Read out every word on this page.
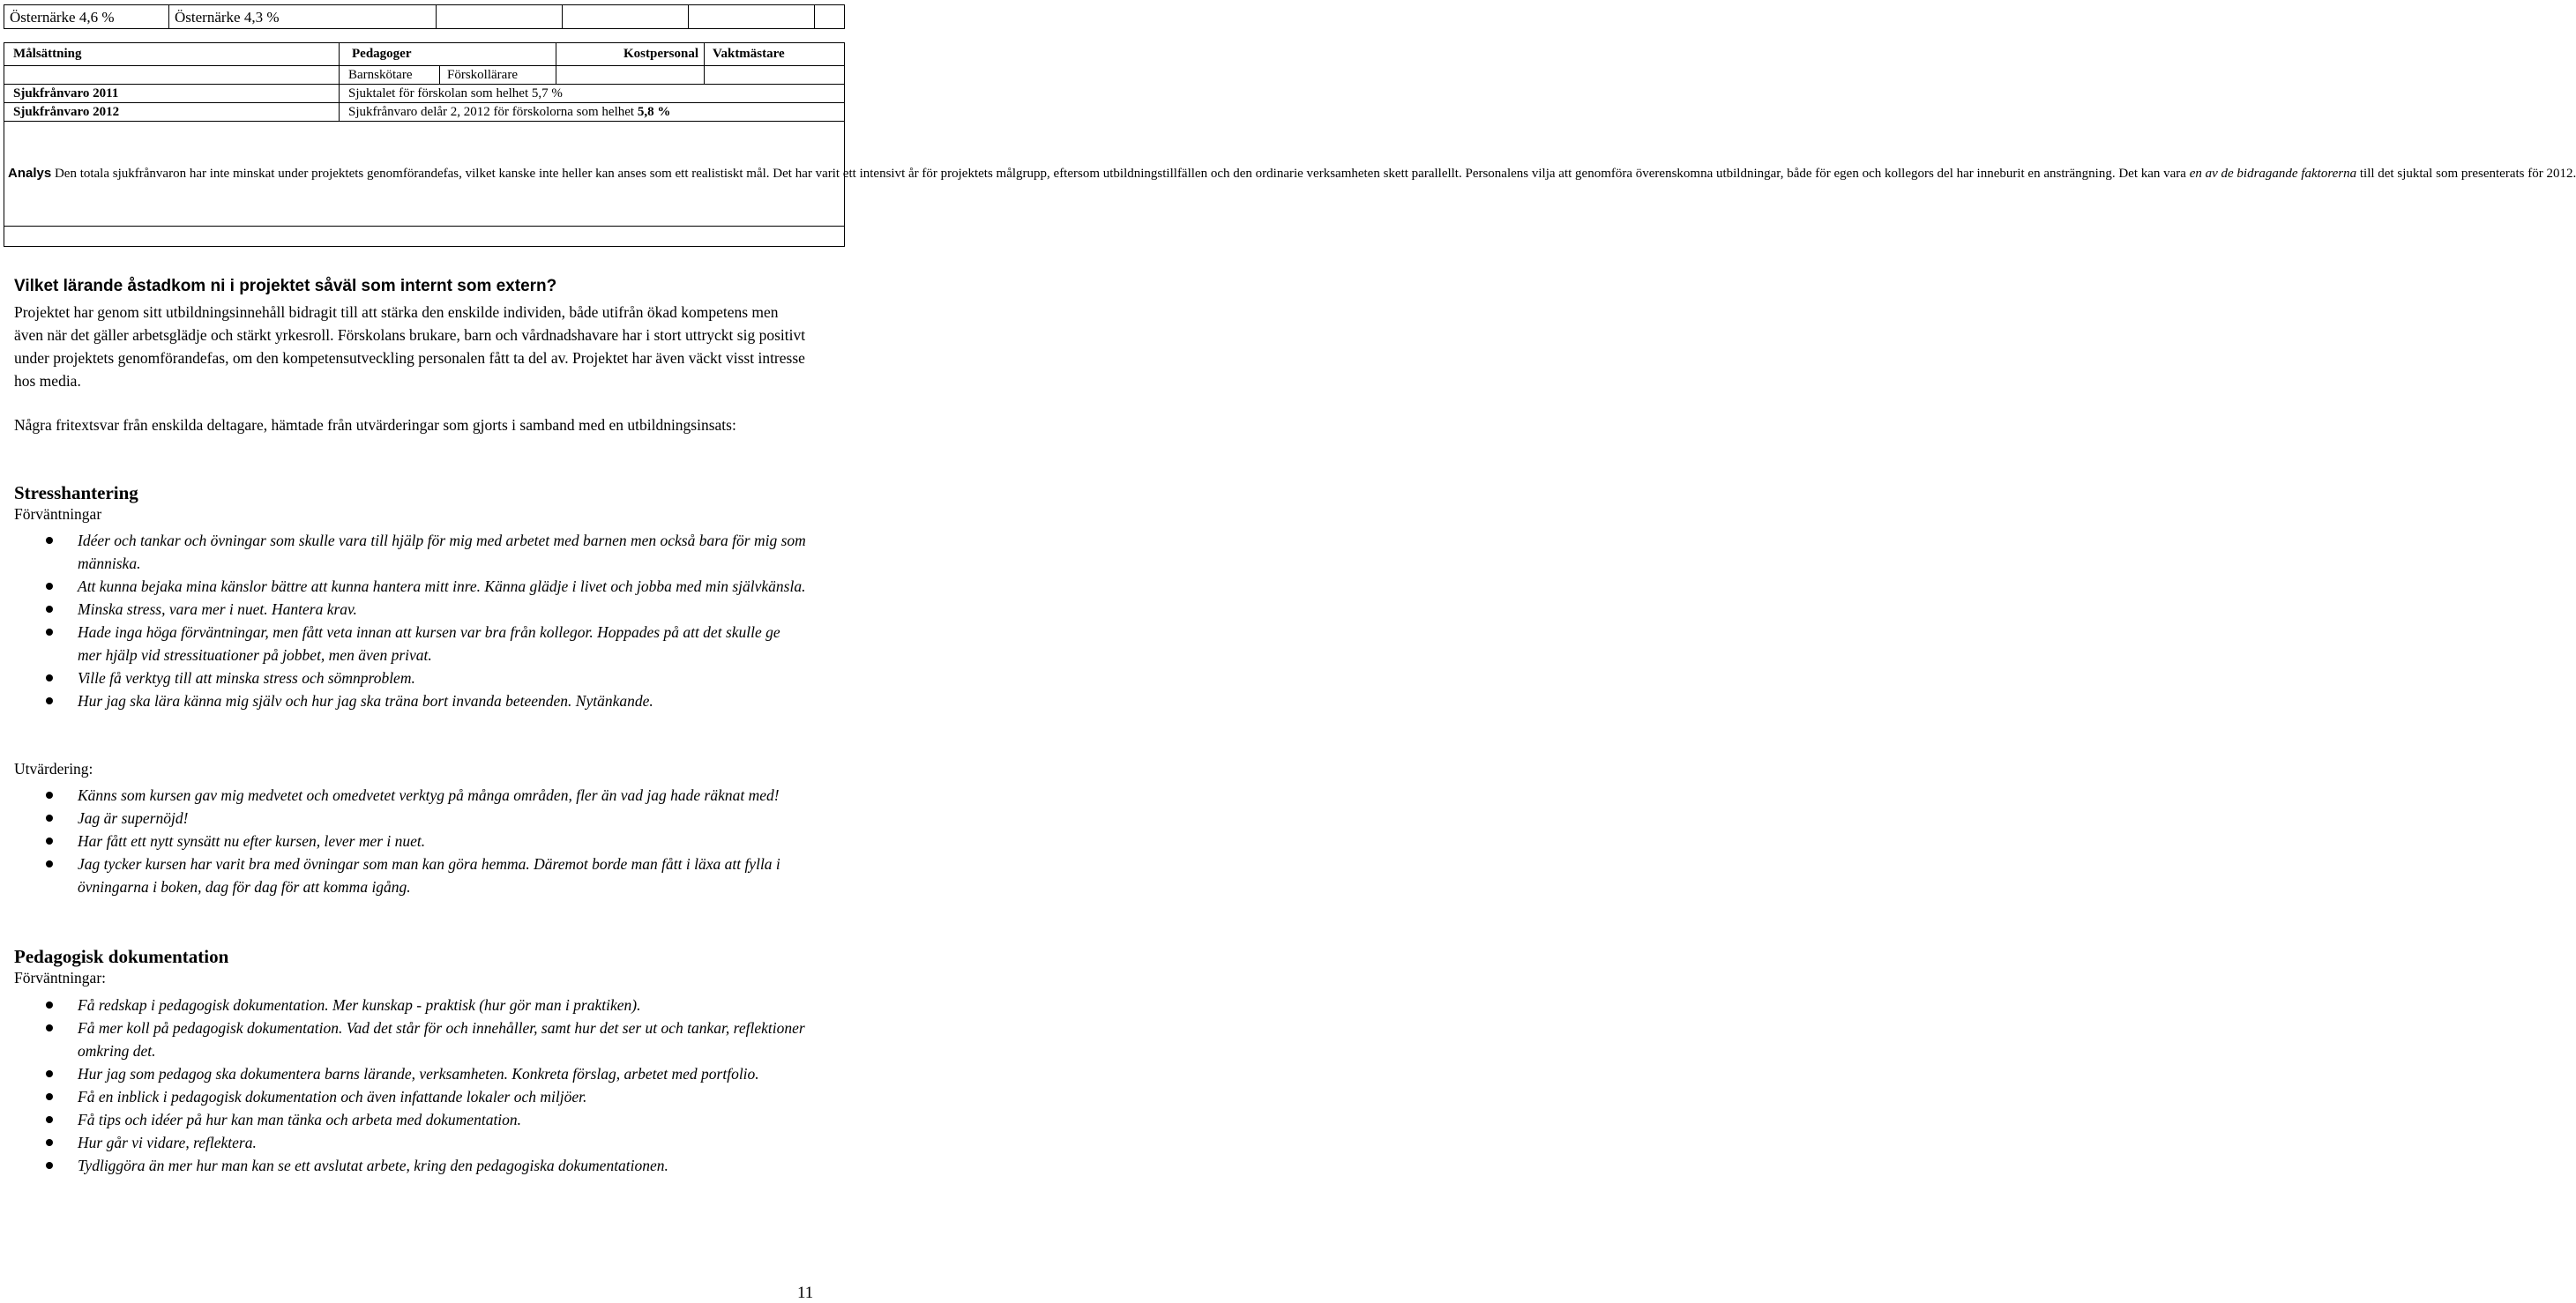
Östernärke 4,6 %	Östernärke 4,3 %				
Målsättning	Pedagoger		Kostpersonal	Vaktmästare
	Barnskötare	Förskollärare		
Sjukfrånvaro 2011	Sjuktalet för förskolan som helhet 5,7 %			
Sjukfrånvaro 2012	Sjukfrånvaro delår 2, 2012 för förskolorna som helhet 5,8 %			
Analys Den totala sjukfrånvaron har inte minskat under projektets genomförandefas, vilket kanske inte heller kan anses som ett realistiskt mål. Det har varit ett intensivt år för projektets målgrupp, eftersom utbildningstillfällen och den ordinarie verksamheten skett parallellt. Personalens vilja att genomföra överenskomna utbildningar, både för egen och kollegors del har inneburit en ansträngning. Det kan vara en av de bidragande faktorerna till det sjuktal som presenterats för 2012.				

Vilket lärande åstadkom ni i projektet såväl som internt som extern?
Projektet har genom sitt utbildningsinnehåll bidragit till att stärka den enskilde individen, både utifrån ökad kompetens men även när det gäller arbetsglädje och stärkt yrkesroll. Förskolans brukare, barn och vårdnadshavare har i stort uttryckt sig positivt under projektets genomförandefas, om den kompetensutveckling personalen fått ta del av. Projektet har även väckt visst intresse hos media.
Några fritextsvar från enskilda deltagare, hämtade från utvärderingar som gjorts i samband med en utbildningsinsats:
Stresshantering
Förväntningar
Idéer och tankar och övningar som skulle vara till hjälp för mig med arbetet med barnen men också bara för mig som människa.
Att kunna bejaka mina känslor bättre att kunna hantera mitt inre. Känna glädje i livet och jobba med min självkänsla.
Minska stress, vara mer i nuet. Hantera krav.
Hade inga höga förväntningar, men fått veta innan att kursen var bra från kollegor. Hoppades på att det skulle ge mer hjälp vid stressituationer på jobbet, men även privat.
Ville få verktyg till att minska stress och sömnproblem.
Hur jag ska lära känna mig själv och hur jag ska träna bort invanda beteenden. Nytänkande.
Utvärdering:
Känns som kursen gav mig medvetet och omedvetet verktyg på många områden, fler än vad jag hade räknat med!
Jag är supernöjd!
Har fått ett nytt synsätt nu efter kursen, lever mer i nuet.
Jag tycker kursen har varit bra med övningar som man kan göra hemma. Däremot borde man fått i läxa att fylla i övningarna i boken, dag för dag för att komma igång.
Pedagogisk dokumentation
Förväntningar:
Få redskap i pedagogisk dokumentation. Mer kunskap - praktisk (hur gör man i praktiken).
Få mer koll på pedagogisk dokumentation. Vad det står för och innehåller, samt hur det ser ut och tankar, reflektioner omkring det.
Hur jag som pedagog ska dokumentera barns lärande, verksamheten. Konkreta förslag, arbetet med portfolio.
Få en inblick i pedagogisk dokumentation och även infattande lokaler och miljöer.
Få tips och idéer på hur kan man tänka och arbeta med dokumentation.
Hur går vi vidare, reflektera.
Tydliggöra än mer hur man kan se ett avslutat arbete, kring den pedagogiska dokumentationen.
11
